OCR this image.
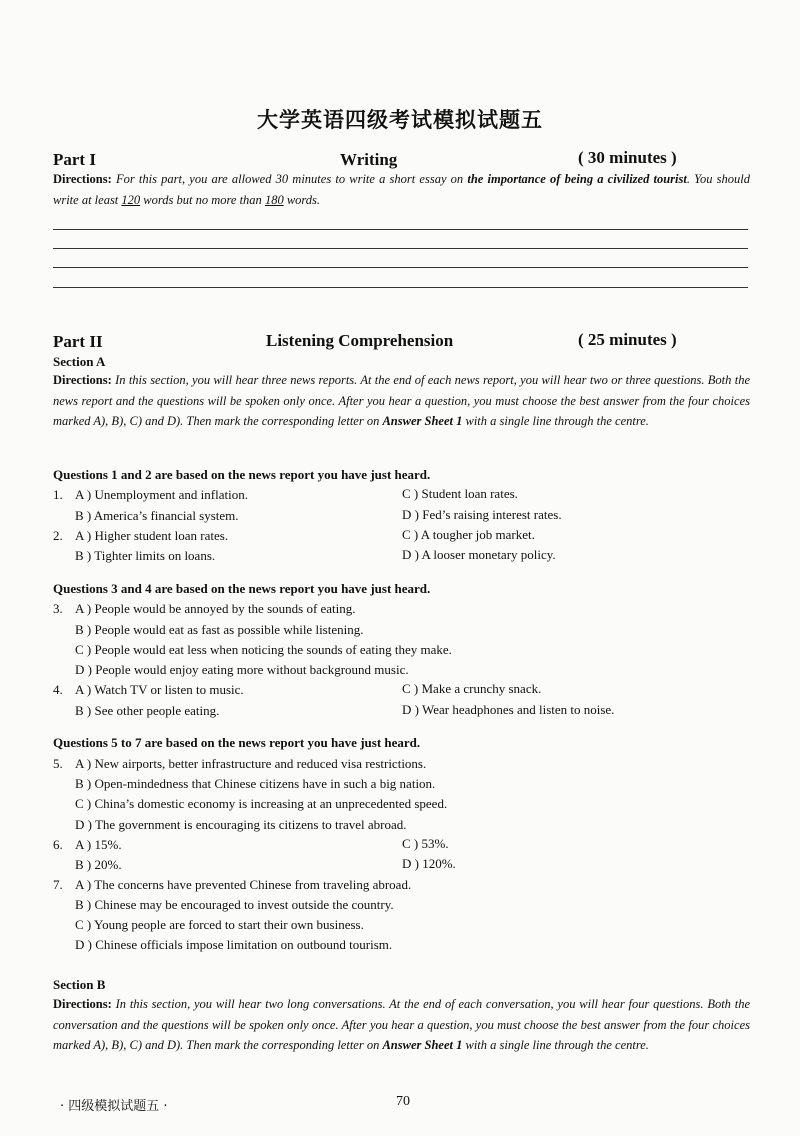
大学英语四级考试模拟试题五
Part I	Writing	( 30 minutes )
Directions: For this part, you are allowed 30 minutes to write a short essay on the importance of being a civilized tourist. You should write at least 120 words but no more than 180 words.
Part II	Listening Comprehension	( 25 minutes )
Section A
Directions: In this section, you will hear three news reports. At the end of each news report, you will hear two or three questions. Both the news report and the questions will be spoken only once. After you hear a question, you must choose the best answer from the four choices marked A), B), C) and D). Then mark the corresponding letter on Answer Sheet 1 with a single line through the centre.
Questions 1 and 2 are based on the news report you have just heard.
1. A ) Unemployment and inflation.	C ) Student loan rates.
B ) America’s financial system.	D ) Fed’s raising interest rates.
2. A ) Higher student loan rates.	C ) A tougher job market.
B ) Tighter limits on loans.	D ) A looser monetary policy.
Questions 3 and 4 are based on the news report you have just heard.
3. A ) People would be annoyed by the sounds of eating.
B ) People would eat as fast as possible while listening.
C ) People would eat less when noticing the sounds of eating they make.
D ) People would enjoy eating more without background music.
4. A ) Watch TV or listen to music.	C ) Make a crunchy snack.
B ) See other people eating.	D ) Wear headphones and listen to noise.
Questions 5 to 7 are based on the news report you have just heard.
5. A ) New airports, better infrastructure and reduced visa restrictions.
B ) Open-mindedness that Chinese citizens have in such a big nation.
C ) China’s domestic economy is increasing at an unprecedented speed.
D ) The government is encouraging its citizens to travel abroad.
6. A ) 15%.	C ) 53%.
B ) 20%.	D ) 120%.
7. A ) The concerns have prevented Chinese from traveling abroad.
B ) Chinese may be encouraged to invest outside the country.
C ) Young people are forced to start their own business.
D ) Chinese officials impose limitation on outbound tourism.
Section B
Directions: In this section, you will hear two long conversations. At the end of each conversation, you will hear four questions. Both the conversation and the questions will be spoken only once. After you hear a question, you must choose the best answer from the four choices marked A), B), C) and D). Then mark the corresponding letter on Answer Sheet 1 with a single line through the centre.
· 四级模拟试题五 ·	70
